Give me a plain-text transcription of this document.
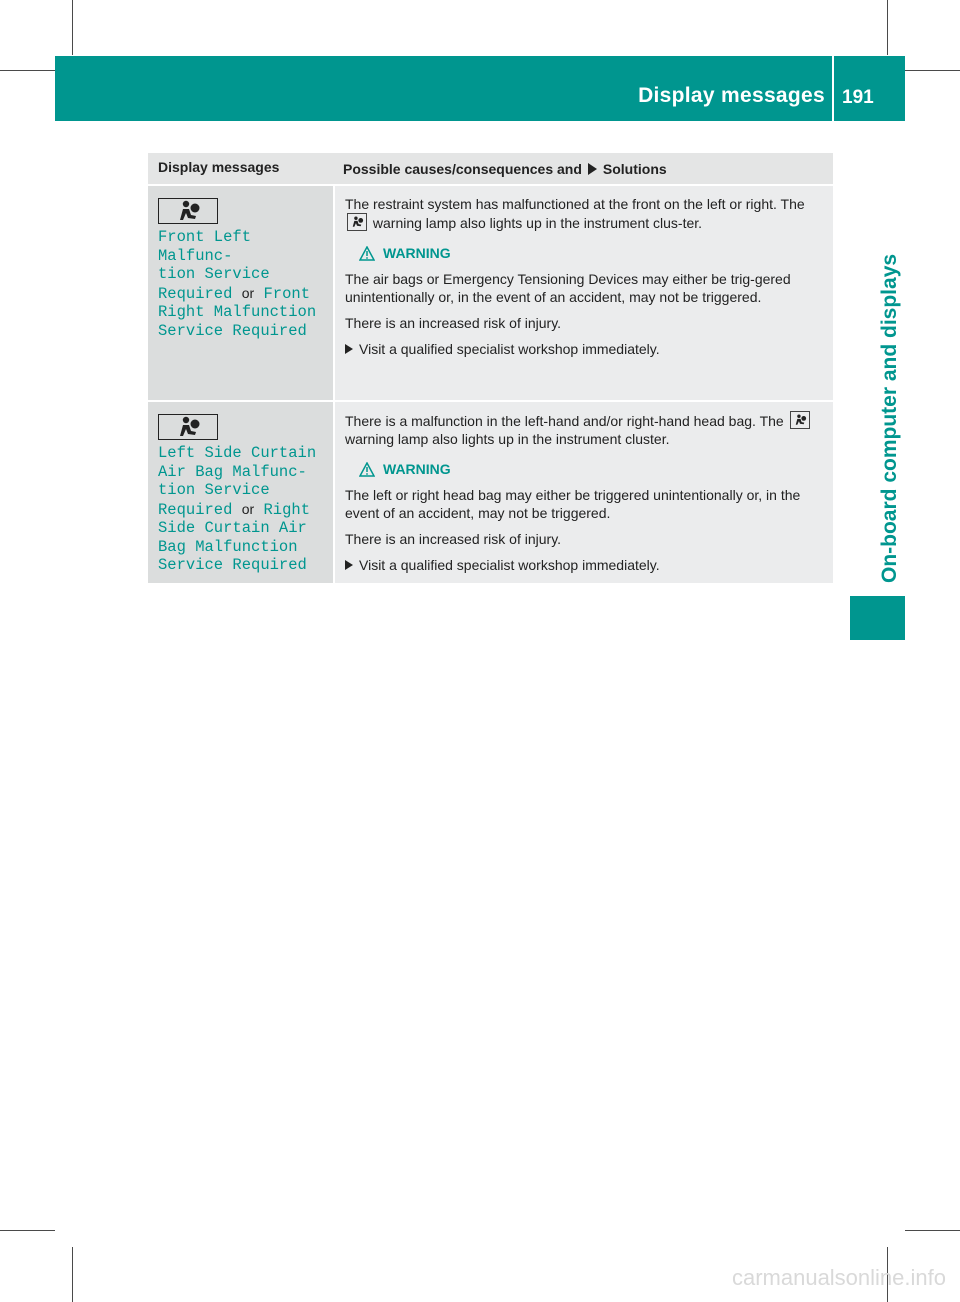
Display messages 191
On-board computer and displays
Display messages	Possible causes/consequences and Solutions
Front Left Malfunc-
tion Service
Required or Front
Right Malfunction
Service Required
The restraint system has malfunctioned at the front on the left or right. The
warning lamp also lights up in the instrument clus-ter.
WARNING
The air bags or Emergency Tensioning Devices may either be trig-gered unintentionally or, in the event of an accident, may not be triggered.
There is an increased risk of injury.
Visit a qualified specialist workshop immediately.
Left Side Curtain
Air Bag Malfunc-
tion Service
Required or Right
Side Curtain Air
Bag Malfunction
Service Required
There is a malfunction in the left-hand and/or right-hand head bag. The
warning lamp also lights up in the instrument cluster.
WARNING
The left or right head bag may either be triggered unintentionally or, in the event of an accident, may not be triggered.
There is an increased risk of injury.
Visit a qualified specialist workshop immediately.
carmanualsonline.info
